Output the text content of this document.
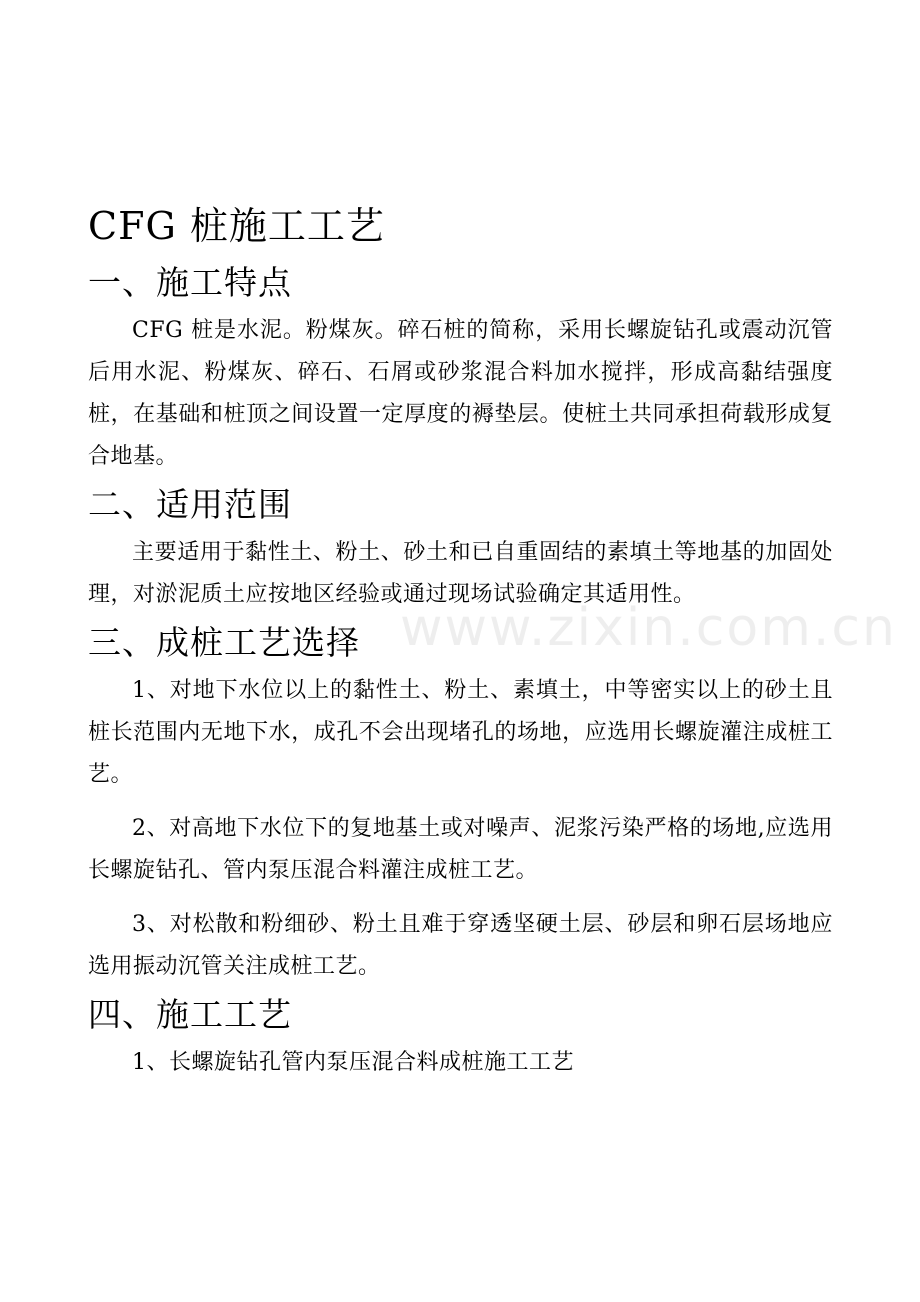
CFG 桩施工工艺
一、施工特点

CFG 桩是水泥。粉煤灰。碎石桩的简称，采用长螺旋钻孔或震动沉管后用水泥、粉煤灰、碎石、石屑或砂浆混合料加水搅拌，形成高黏结强度桩，在基础和桩顶之间设置一定厚度的褥垫层。使桩土共同承担荷载形成复合地基。

二、适用范围

主要适用于黏性土、粉土、砂土和已自重固结的素填土等地基的加固处理，对淤泥质土应按地区经验或通过现场试验确定其适用性。

三、成桩工艺选择

1、对地下水位以上的黏性土、粉土、素填土，中等密实以上的砂土且桩长范围内无地下水，成孔不会出现堵孔的场地，应选用长螺旋灌注成桩工艺。

2、对高地下水位下的复地基土或对噪声、泥浆污染严格的场地,应选用长螺旋钻孔、管内泵压混合料灌注成桩工艺。

3、对松散和粉细砂、粉土且难于穿透坚硬土层、砂层和卵石层场地应选用振动沉管关注成桩工艺。

四、施工工艺

1、长螺旋钻孔管内泵压混合料成桩施工工艺

www.zixin.com.cn
